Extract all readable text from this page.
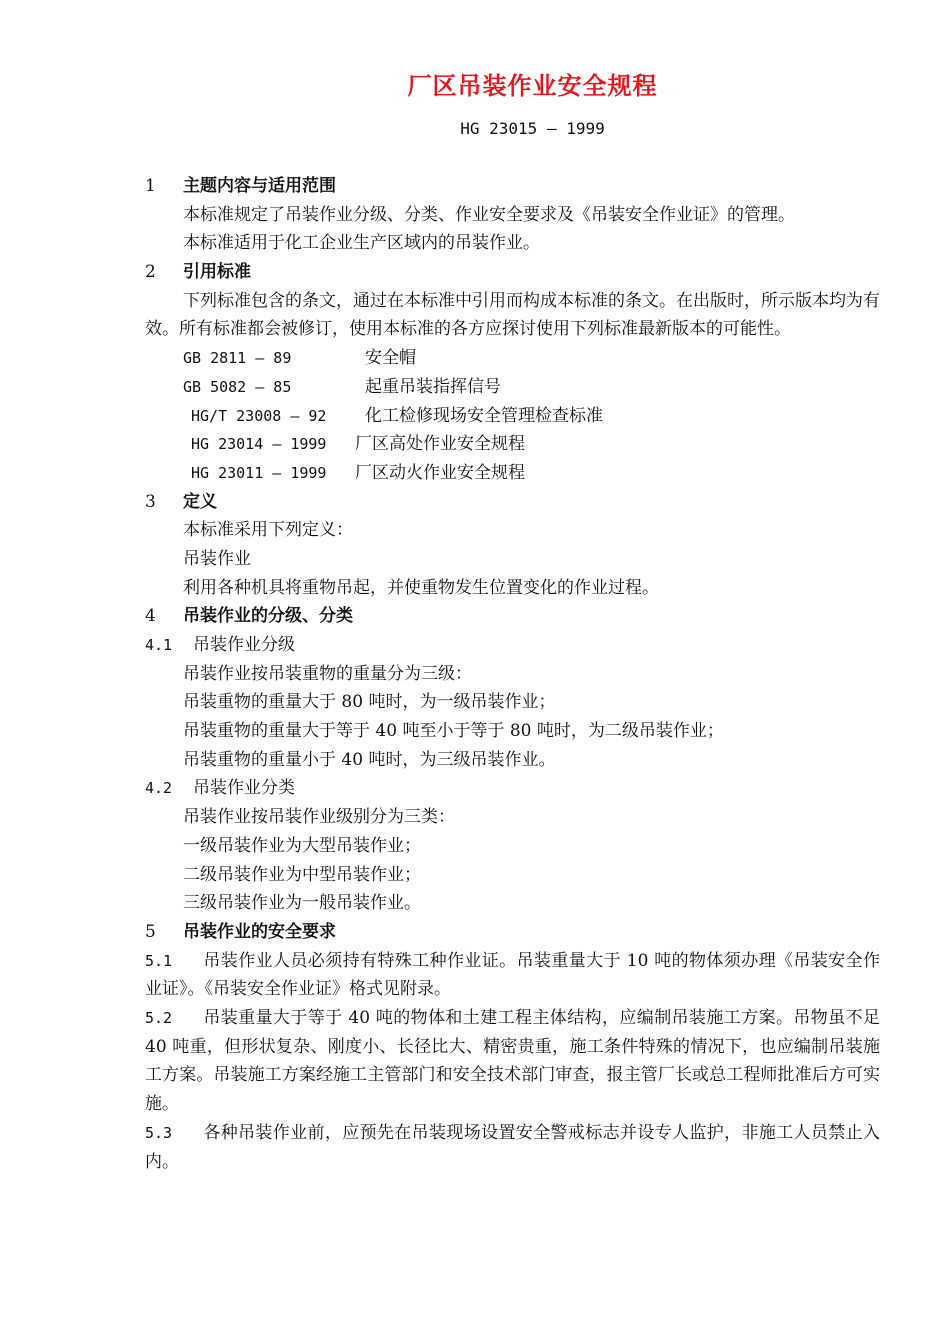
厂区吊装作业安全规程
HG 23015 – 1999
1 主题内容与适用范围
本标准规定了吊装作业分级、分类、作业安全要求及《吊装安全作业证》的管理。
本标准适用于化工企业生产区域内的吊装作业。
2 引用标准
下列标准包含的条文，通过在本标准中引用而构成本标准的条文。在出版时，所示版本均为有效。所有标准都会被修订，使用本标准的各方应探讨使用下列标准最新版本的可能性。
GB 2811 – 89	安全帽
GB 5082 – 85	起重吊装指挥信号
HG/T 23008 – 92 化工检修现场安全管理检查标准
HG 23014 – 1999 厂区高处作业安全规程
HG 23011 – 1999 厂区动火作业安全规程
3 定义
本标准采用下列定义：
吊装作业
利用各种机具将重物吊起，并使重物发生位置变化的作业过程。
4 吊装作业的分级、分类
4.1 吊装作业分级
吊装作业按吊装重物的重量分为三级：
吊装重物的重量大于 80 吨时，为一级吊装作业；
吊装重物的重量大于等于 40 吨至小于等于 80 吨时，为二级吊装作业；
吊装重物的重量小于 40 吨时，为三级吊装作业。
4.2 吊装作业分类
吊装作业按吊装作业级别分为三类：
一级吊装作业为大型吊装作业；
二级吊装作业为中型吊装作业；
三级吊装作业为一般吊装作业。
5 吊装作业的安全要求
5.1 吊装作业人员必须持有特殊工种作业证。吊装重量大于 10 吨的物体须办理《吊装安全作业证》。《吊装安全作业证》格式见附录。
5.2 吊装重量大于等于 40 吨的物体和土建工程主体结构，应编制吊装施工方案。吊物虽不足 40 吨重，但形状复杂、刚度小、长径比大、精密贵重，施工条件特殊的情况下，也应编制吊装施工方案。吊装施工方案经施工主管部门和安全技术部门审查，报主管厂长或总工程师批准后方可实施。
5.3 各种吊装作业前，应预先在吊装现场设置安全警戒标志并设专人监护，非施工人员禁止入内。
